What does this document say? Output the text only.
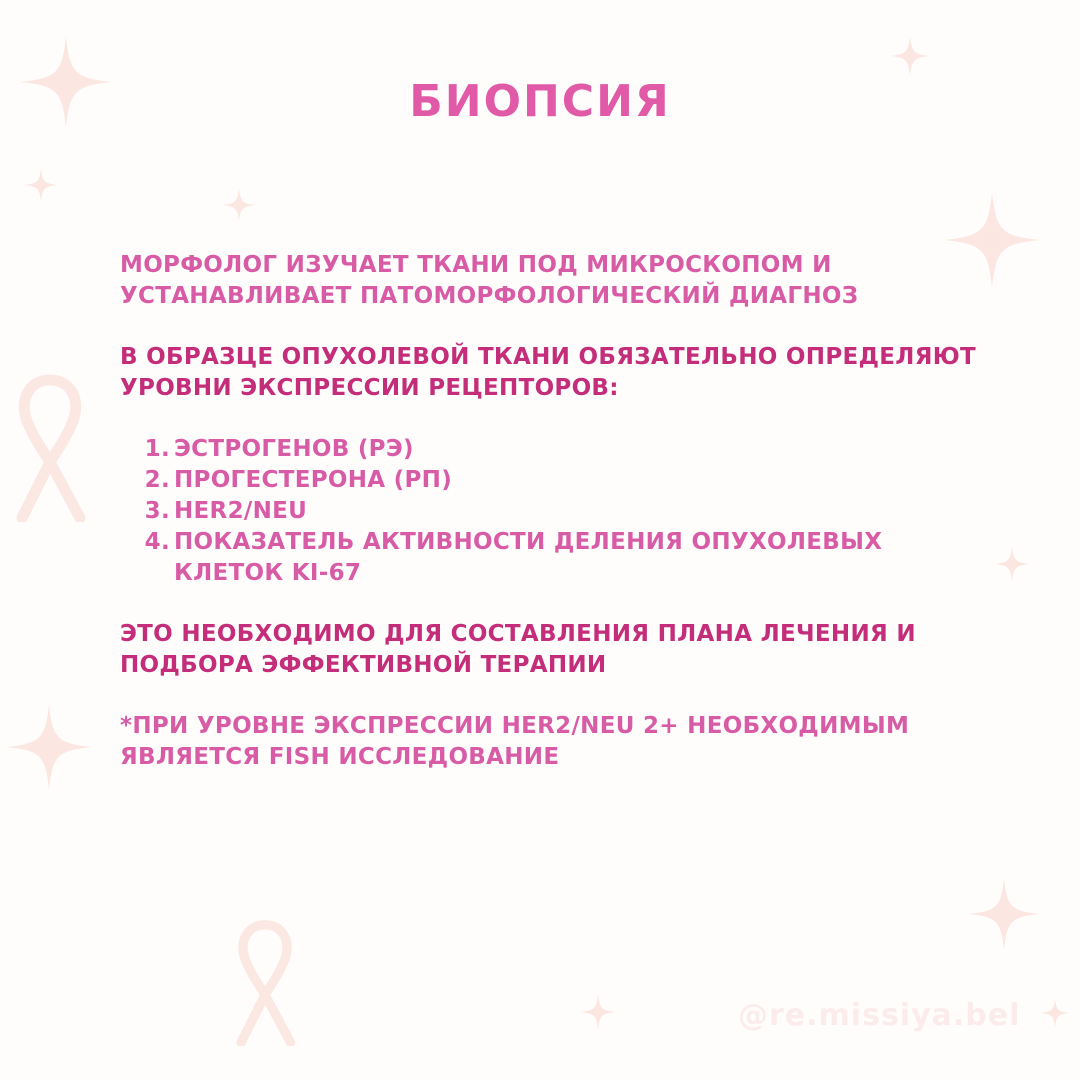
БИОПСИЯ

МОРФОЛОГ ИЗУЧАЕТ ТКАНИ ПОД МИКРОСКОПОМ И УСТАНАВЛИВАЕТ ПАТОМОРФОЛОГИЧЕСКИЙ ДИАГНОЗ

В ОБРАЗЦЕ ОПУХОЛЕВОЙ ТКАНИ ОБЯЗАТЕЛЬНО ОПРЕДЕЛЯЮТ УРОВНИ ЭКСПРЕССИИ РЕЦЕПТОРОВ:

1. ЭСТРОГЕНОВ (РЭ)
2. ПРОГЕСТЕРОНА (РП)
3. HER2/NEU
4. ПОКАЗАТЕЛЬ АКТИВНОСТИ ДЕЛЕНИЯ ОПУХОЛЕВЫХ КЛЕТОК KI-67

ЭТО НЕОБХОДИМО ДЛЯ СОСТАВЛЕНИЯ ПЛАНА ЛЕЧЕНИЯ И ПОДБОРА ЭФФЕКТИВНОЙ ТЕРАПИИ

*ПРИ УРОВНЕ ЭКСПРЕССИИ HER2/NEU 2+ НЕОБХОДИМЫМ ЯВЛЯЕТСЯ FISH ИССЛЕДОВАНИЕ

@re.missiya.bel
